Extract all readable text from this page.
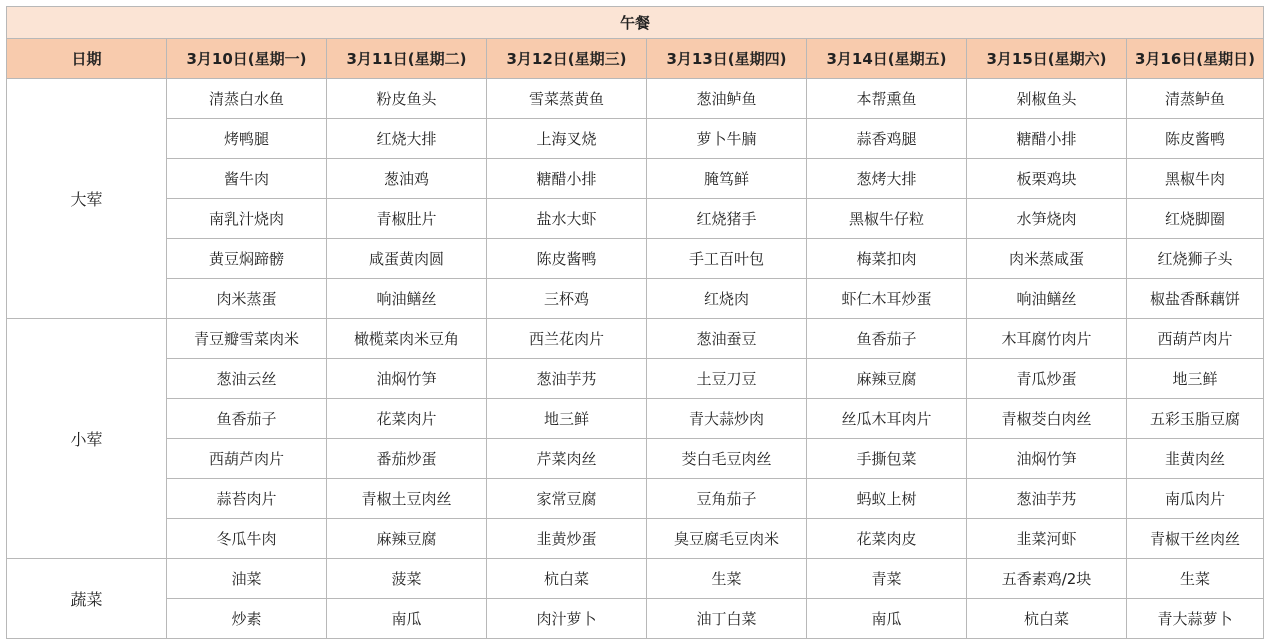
午餐							
日期	3月10日(星期一)	3月11日(星期二)	3月12日(星期三)	3月13日(星期四)	3月14日(星期五)	3月15日(星期六)	3月16日(星期日)
大荤	清蒸白水鱼	粉皮鱼头	雪菜蒸黄鱼	葱油鲈鱼	本帮熏鱼	剁椒鱼头	清蒸鲈鱼
	烤鸭腿	红烧大排	上海叉烧	萝卜牛腩	蒜香鸡腿	糖醋小排	陈皮酱鸭
	酱牛肉	葱油鸡	糖醋小排	腌笃鲜	葱烤大排	板栗鸡块	黑椒牛肉
	南乳汁烧肉	青椒肚片	盐水大虾	红烧猪手	黑椒牛仔粒	水笋烧肉	红烧脚圈
	黄豆焖蹄髈	咸蛋黄肉圆	陈皮酱鸭	手工百叶包	梅菜扣肉	肉米蒸咸蛋	红烧狮子头
	肉米蒸蛋	响油鳝丝	三杯鸡	红烧肉	虾仁木耳炒蛋	响油鳝丝	椒盐香酥藕饼
小荤	青豆瓣雪菜肉米	橄榄菜肉米豆角	西兰花肉片	葱油蚕豆	鱼香茄子	木耳腐竹肉片	西葫芦肉片
	葱油云丝	油焖竹笋	葱油芋艿	土豆刀豆	麻辣豆腐	青瓜炒蛋	地三鲜
	鱼香茄子	花菜肉片	地三鲜	青大蒜炒肉	丝瓜木耳肉片	青椒茭白肉丝	五彩玉脂豆腐
	西葫芦肉片	番茄炒蛋	芹菜肉丝	茭白毛豆肉丝	手撕包菜	油焖竹笋	韭黄肉丝
	蒜苔肉片	青椒土豆肉丝	家常豆腐	豆角茄子	蚂蚁上树	葱油芋艿	南瓜肉片
	冬瓜牛肉	麻辣豆腐	韭黄炒蛋	臭豆腐毛豆肉米	花菜肉皮	韭菜河虾	青椒干丝肉丝
蔬菜	油菜	菠菜	杭白菜	生菜	青菜	五香素鸡/2块	生菜
	炒素	南瓜	肉汁萝卜	油丁白菜	南瓜	杭白菜	青大蒜萝卜
